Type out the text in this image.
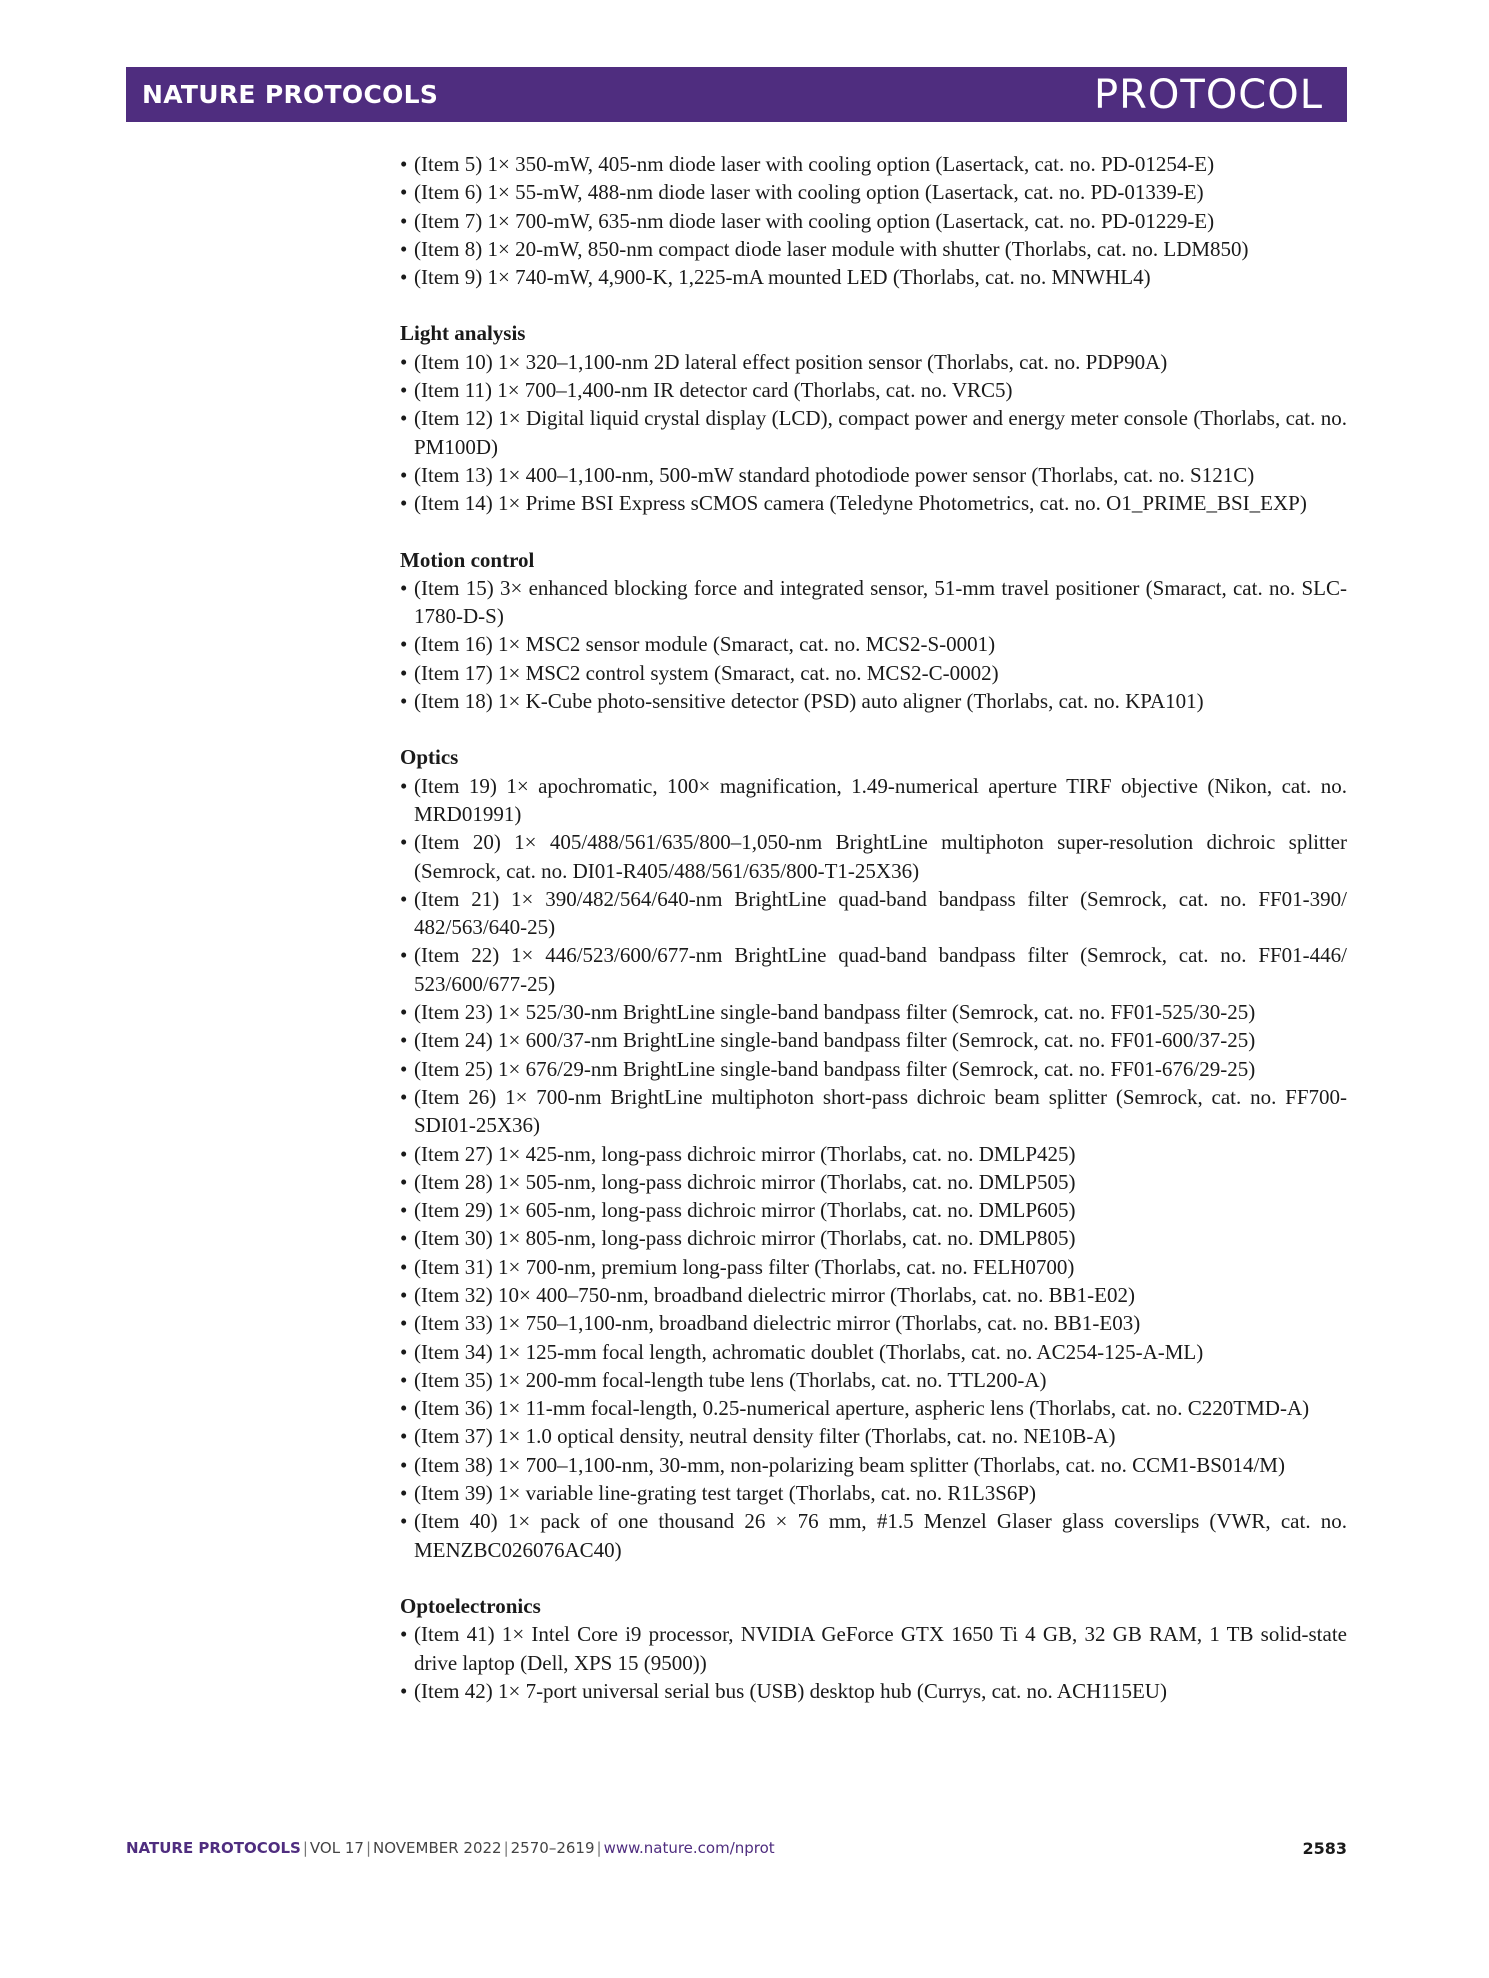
NATURE PROTOCOLS	PROTOCOL
• (Item 5) 1× 350-mW, 405-nm diode laser with cooling option (Lasertack, cat. no. PD-01254-E)
• (Item 6) 1× 55-mW, 488-nm diode laser with cooling option (Lasertack, cat. no. PD-01339-E)
• (Item 7) 1× 700-mW, 635-nm diode laser with cooling option (Lasertack, cat. no. PD-01229-E)
• (Item 8) 1× 20-mW, 850-nm compact diode laser module with shutter (Thorlabs, cat. no. LDM850)
• (Item 9) 1× 740-mW, 4,900-K, 1,225-mA mounted LED (Thorlabs, cat. no. MNWHL4)
Light analysis
• (Item 10) 1× 320–1,100-nm 2D lateral effect position sensor (Thorlabs, cat. no. PDP90A)
• (Item 11) 1× 700–1,400-nm IR detector card (Thorlabs, cat. no. VRC5)
• (Item 12) 1× Digital liquid crystal display (LCD), compact power and energy meter console (Thorlabs, cat. no. PM100D)
• (Item 13) 1× 400–1,100-nm, 500-mW standard photodiode power sensor (Thorlabs, cat. no. S121C)
• (Item 14) 1× Prime BSI Express sCMOS camera (Teledyne Photometrics, cat. no. O1_PRIME_BSI_EXP)
Motion control
• (Item 15) 3× enhanced blocking force and integrated sensor, 51-mm travel positioner (Smaract, cat. no. SLC-1780-D-S)
• (Item 16) 1× MSC2 sensor module (Smaract, cat. no. MCS2-S-0001)
• (Item 17) 1× MSC2 control system (Smaract, cat. no. MCS2-C-0002)
• (Item 18) 1× K-Cube photo-sensitive detector (PSD) auto aligner (Thorlabs, cat. no. KPA101)
Optics
• (Item 19) 1× apochromatic, 100× magnification, 1.49-numerical aperture TIRF objective (Nikon, cat. no. MRD01991)
• (Item 20) 1× 405/488/561/635/800–1,050-nm BrightLine multiphoton super-resolution dichroic splitter (Semrock, cat. no. DI01-R405/488/561/635/800-T1-25X36)
• (Item 21) 1× 390/482/564/640-nm BrightLine quad-band bandpass filter (Semrock, cat. no. FF01-390/ 482/563/640-25)
• (Item 22) 1× 446/523/600/677-nm BrightLine quad-band bandpass filter (Semrock, cat. no. FF01-446/ 523/600/677-25)
• (Item 23) 1× 525/30-nm BrightLine single-band bandpass filter (Semrock, cat. no. FF01-525/30-25)
• (Item 24) 1× 600/37-nm BrightLine single-band bandpass filter (Semrock, cat. no. FF01-600/37-25)
• (Item 25) 1× 676/29-nm BrightLine single-band bandpass filter (Semrock, cat. no. FF01-676/29-25)
• (Item 26) 1× 700-nm BrightLine multiphoton short-pass dichroic beam splitter (Semrock, cat. no. FF700-SDI01-25X36)
• (Item 27) 1× 425-nm, long-pass dichroic mirror (Thorlabs, cat. no. DMLP425)
• (Item 28) 1× 505-nm, long-pass dichroic mirror (Thorlabs, cat. no. DMLP505)
• (Item 29) 1× 605-nm, long-pass dichroic mirror (Thorlabs, cat. no. DMLP605)
• (Item 30) 1× 805-nm, long-pass dichroic mirror (Thorlabs, cat. no. DMLP805)
• (Item 31) 1× 700-nm, premium long-pass filter (Thorlabs, cat. no. FELH0700)
• (Item 32) 10× 400–750-nm, broadband dielectric mirror (Thorlabs, cat. no. BB1-E02)
• (Item 33) 1× 750–1,100-nm, broadband dielectric mirror (Thorlabs, cat. no. BB1-E03)
• (Item 34) 1× 125-mm focal length, achromatic doublet (Thorlabs, cat. no. AC254-125-A-ML)
• (Item 35) 1× 200-mm focal-length tube lens (Thorlabs, cat. no. TTL200-A)
• (Item 36) 1× 11-mm focal-length, 0.25-numerical aperture, aspheric lens (Thorlabs, cat. no. C220TMD-A)
• (Item 37) 1× 1.0 optical density, neutral density filter (Thorlabs, cat. no. NE10B-A)
• (Item 38) 1× 700–1,100-nm, 30-mm, non-polarizing beam splitter (Thorlabs, cat. no. CCM1-BS014/M)
• (Item 39) 1× variable line-grating test target (Thorlabs, cat. no. R1L3S6P)
• (Item 40) 1× pack of one thousand 26 × 76 mm, #1.5 Menzel Glaser glass coverslips (VWR, cat. no. MENZBC026076AC40)
Optoelectronics
• (Item 41) 1× Intel Core i9 processor, NVIDIA GeForce GTX 1650 Ti 4 GB, 32 GB RAM, 1 TB solid-state drive laptop (Dell, XPS 15 (9500))
• (Item 42) 1× 7-port universal serial bus (USB) desktop hub (Currys, cat. no. ACH115EU)
NATURE PROTOCOLS | VOL 17 | NOVEMBER 2022 | 2570–2619 | www.nature.com/nprot	2583
